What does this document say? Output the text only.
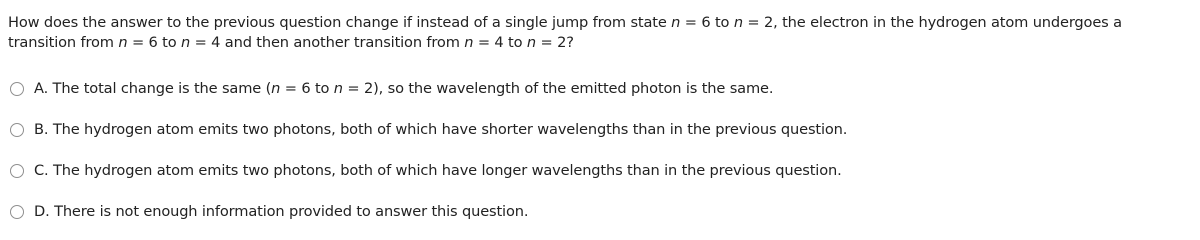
How does the answer to the previous question change if instead of a single jump from state n = 6 to n = 2, the electron in the hydrogen atom undergoes a transition from n = 6 to n = 4 and then another transition from n = 4 to n = 2?
A. The total change is the same (n = 6 to n = 2), so the wavelength of the emitted photon is the same.
B. The hydrogen atom emits two photons, both of which have shorter wavelengths than in the previous question.
C. The hydrogen atom emits two photons, both of which have longer wavelengths than in the previous question.
D. There is not enough information provided to answer this question.
